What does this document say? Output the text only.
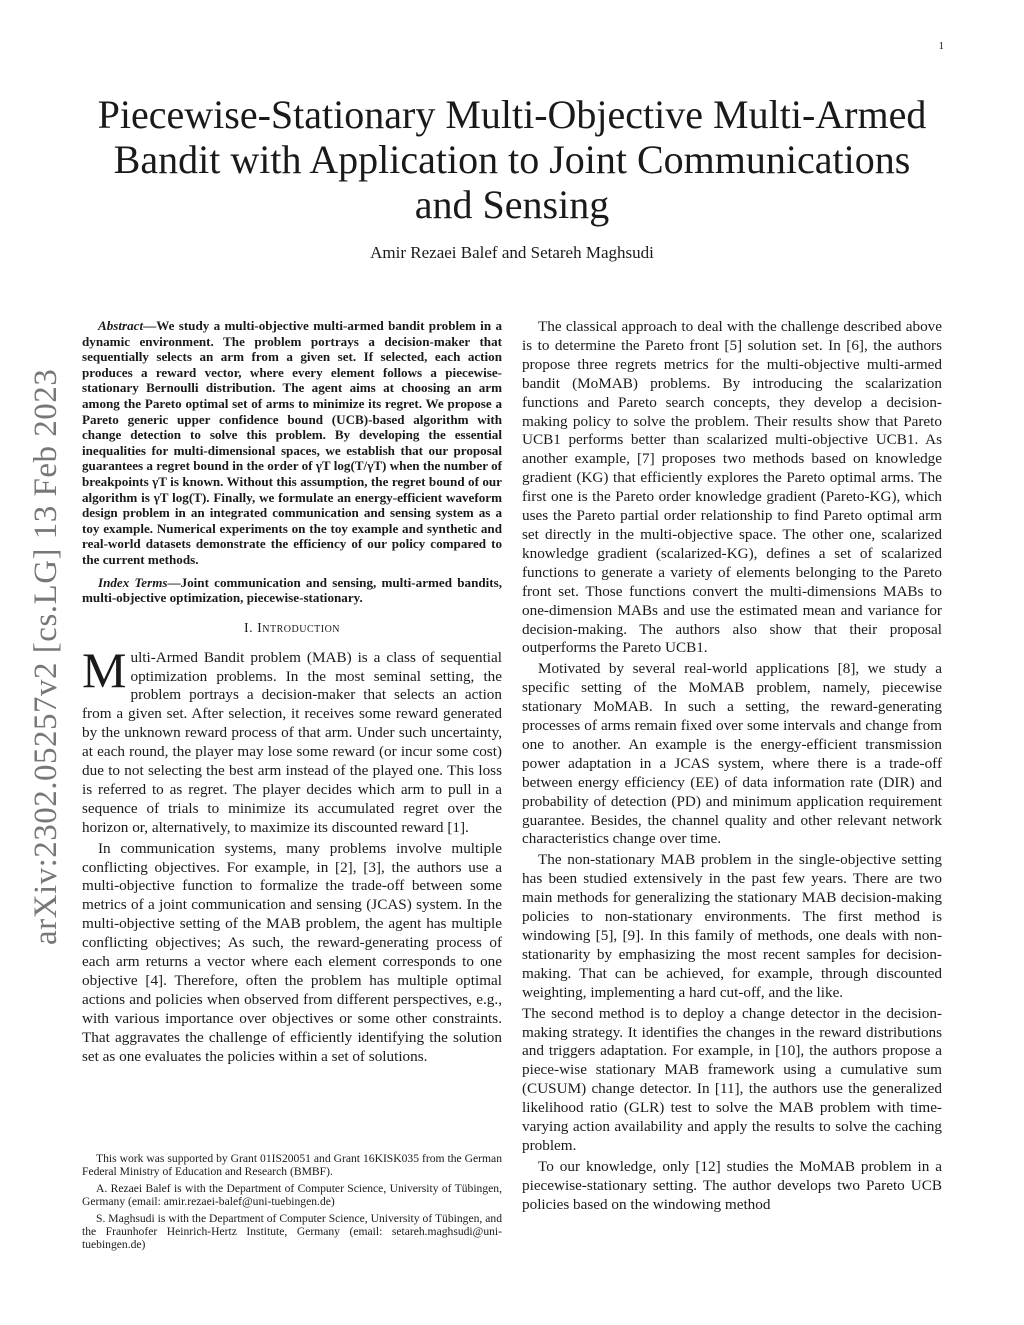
1
arXiv:2302.05257v2 [cs.LG] 13 Feb 2023
Piecewise-Stationary Multi-Objective Multi-Armed Bandit with Application to Joint Communications and Sensing
Amir Rezaei Balef and Setareh Maghsudi

Abstract—We study a multi-objective multi-armed bandit problem in a dynamic environment. The problem portrays a decision-maker that sequentially selects an arm from a given set. If selected, each action produces a reward vector, where every element follows a piecewise-stationary Bernoulli distribution. The agent aims at choosing an arm among the Pareto optimal set of arms to minimize its regret. We propose a Pareto generic upper confidence bound (UCB)-based algorithm with change detection to solve this problem. By developing the essential inequalities for multi-dimensional spaces, we establish that our proposal guarantees a regret bound in the order of γT log(T/γT) when the number of breakpoints γT is known. Without this assumption, the regret bound of our algorithm is γT log(T). Finally, we formulate an energy-efficient waveform design problem in an integrated communication and sensing system as a toy example. Numerical experiments on the toy example and synthetic and real-world datasets demonstrate the efficiency of our policy compared to the current methods.

Index Terms—Joint communication and sensing, multi-armed bandits, multi-objective optimization, piecewise-stationary.

I. Introduction

Multi-Armed Bandit problem (MAB) is a class of sequential optimization problems. In the most seminal setting, the problem portrays a decision-maker that selects an action from a given set. After selection, it receives some reward generated by the unknown reward process of that arm. Under such uncertainty, at each round, the player may lose some reward (or incur some cost) due to not selecting the best arm instead of the played one. This loss is referred to as regret. The player decides which arm to pull in a sequence of trials to minimize its accumulated regret over the horizon or, alternatively, to maximize its discounted reward [1].

In communication systems, many problems involve multiple conflicting objectives. For example, in [2], [3], the authors use a multi-objective function to formalize the trade-off between some metrics of a joint communication and sensing (JCAS) system. In the multi-objective setting of the MAB problem, the agent has multiple conflicting objectives; As such, the reward-generating process of each arm returns a vector where each element corresponds to one objective [4]. Therefore, often the problem has multiple optimal actions and policies when observed from different perspectives, e.g., with various importance over objectives or some other constraints. That aggravates the challenge of efficiently identifying the solution set as one evaluates the policies within a set of solutions.

This work was supported by Grant 01IS20051 and Grant 16KISK035 from the German Federal Ministry of Education and Research (BMBF).

A. Rezaei Balef is with the Department of Computer Science, University of Tübingen, Germany (email: amir.rezaei-balef@uni-tuebingen.de)

S. Maghsudi is with the Department of Computer Science, University of Tübingen, and the Fraunhofer Heinrich-Hertz Institute, Germany (email: setareh.maghsudi@uni-tuebingen.de)

The classical approach to deal with the challenge described above is to determine the Pareto front [5] solution set. In [6], the authors propose three regrets metrics for the multi-objective multi-armed bandit (MoMAB) problems. By introducing the scalarization functions and Pareto search concepts, they develop a decision-making policy to solve the problem. Their results show that Pareto UCB1 performs better than scalarized multi-objective UCB1. As another example, [7] proposes two methods based on knowledge gradient (KG) that efficiently explores the Pareto optimal arms. The first one is the Pareto order knowledge gradient (Pareto-KG), which uses the Pareto partial order relationship to find Pareto optimal arm set directly in the multi-objective space. The other one, scalarized knowledge gradient (scalarized-KG), defines a set of scalarized functions to generate a variety of elements belonging to the Pareto front set. Those functions convert the multi-dimensions MABs to one-dimension MABs and use the estimated mean and variance for decision-making. The authors also show that their proposal outperforms the Pareto UCB1.

Motivated by several real-world applications [8], we study a specific setting of the MoMAB problem, namely, piecewise stationary MoMAB. In such a setting, the reward-generating processes of arms remain fixed over some intervals and change from one to another. An example is the energy-efficient transmission power adaptation in a JCAS system, where there is a trade-off between energy efficiency (EE) of data information rate (DIR) and probability of detection (PD) and minimum application requirement guarantee. Besides, the channel quality and other relevant network characteristics change over time.

The non-stationary MAB problem in the single-objective setting has been studied extensively in the past few years. There are two main methods for generalizing the stationary MAB decision-making policies to non-stationary environments. The first method is windowing [5], [9]. In this family of methods, one deals with non-stationarity by emphasizing the most recent samples for decision-making. That can be achieved, for example, through discounted weighting, implementing a hard cut-off, and the like.

The second method is to deploy a change detector in the decision-making strategy. It identifies the changes in the reward distributions and triggers adaptation. For example, in [10], the authors propose a piece-wise stationary MAB framework using a cumulative sum (CUSUM) change detector. In [11], the authors use the generalized likelihood ratio (GLR) test to solve the MAB problem with time-varying action availability and apply the results to solve the caching problem.

To our knowledge, only [12] studies the MoMAB problem in a piecewise-stationary setting. The author develops two Pareto UCB policies based on the windowing method
